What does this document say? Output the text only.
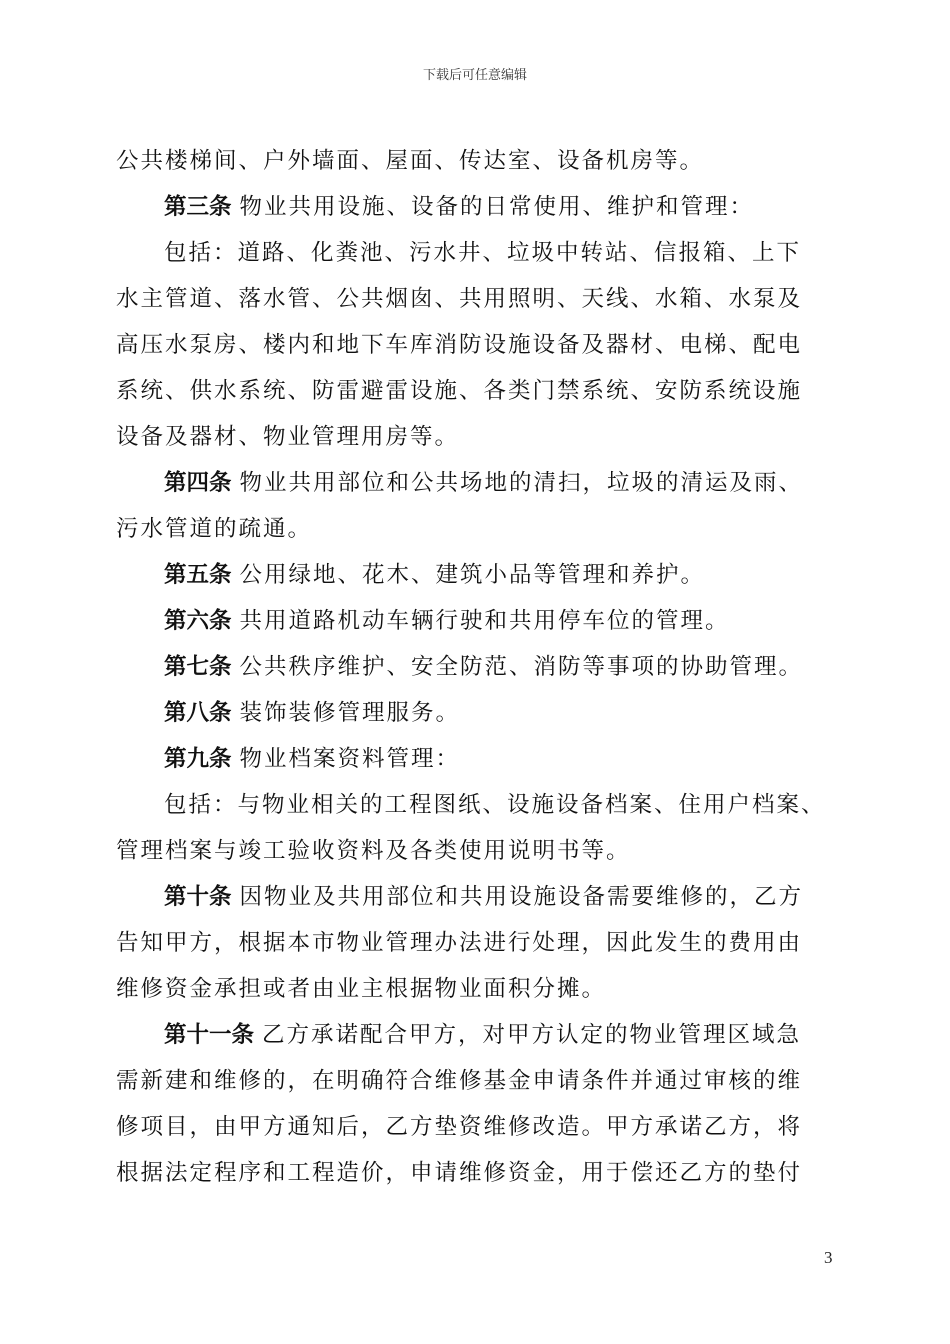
下载后可任意编辑
公共楼梯间、户外墙面、屋面、传达室、设备机房等。
第三条 物业共用设施、设备的日常使用、维护和管理：
包括：道路、化粪池、污水井、垃圾中转站、信报箱、上下
水主管道、落水管、公共烟囱、共用照明、天线、水箱、水泵及
高压水泵房、楼内和地下车库消防设施设备及器材、电梯、配电
系统、供水系统、防雷避雷设施、各类门禁系统、安防系统设施
设备及器材、物业管理用房等。
第四条 物业共用部位和公共场地的清扫，垃圾的清运及雨、
污水管道的疏通。
第五条 公用绿地、花木、建筑小品等管理和养护。
第六条 共用道路机动车辆行驶和共用停车位的管理。
第七条 公共秩序维护、安全防范、消防等事项的协助管理。
第八条 装饰装修管理服务。
第九条 物业档案资料管理：
包括：与物业相关的工程图纸、设施设备档案、住用户档案、
管理档案与竣工验收资料及各类使用说明书等。
第十条 因物业及共用部位和共用设施设备需要维修的，乙方
告知甲方，根据本市物业管理办法进行处理，因此发生的费用由
维修资金承担或者由业主根据物业面积分摊。
第十一条 乙方承诺配合甲方，对甲方认定的物业管理区域急
需新建和维修的，在明确符合维修基金申请条件并通过审核的维
修项目，由甲方通知后，乙方垫资维修改造。甲方承诺乙方，将
根据法定程序和工程造价，申请维修资金，用于偿还乙方的垫付
3
